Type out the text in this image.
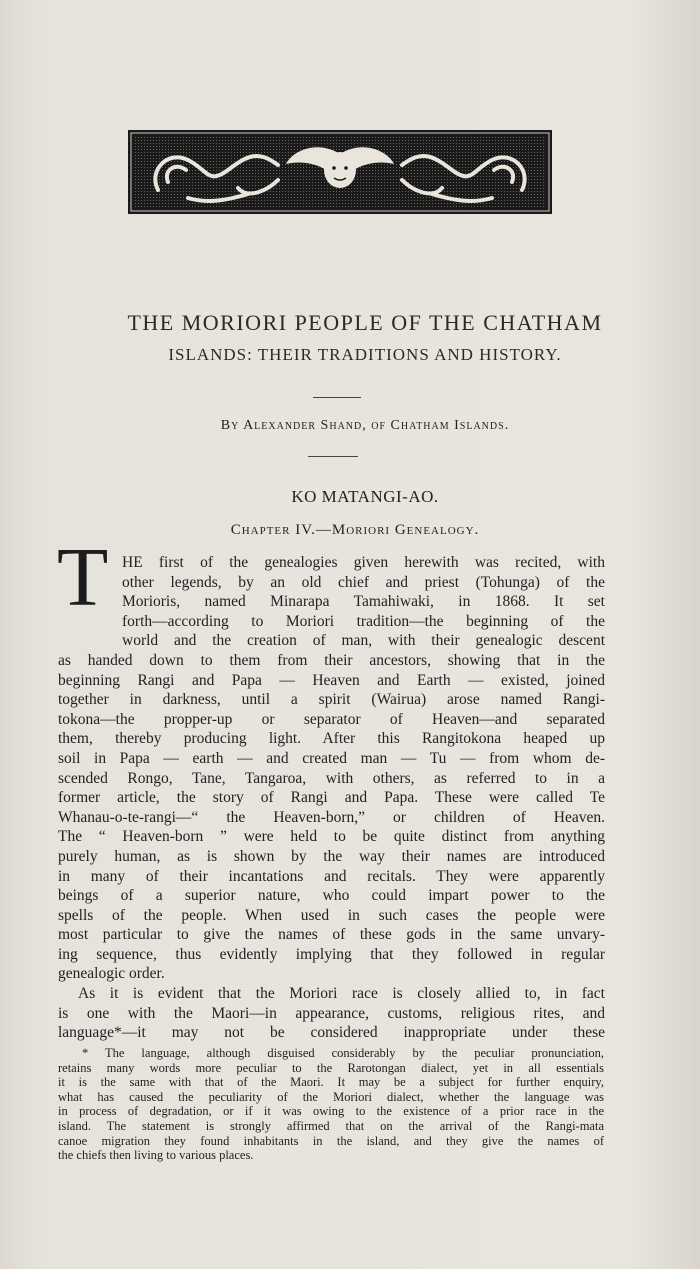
THE MORIORI PEOPLE OF THE CHATHAM
ISLANDS: THEIR TRADITIONS AND HISTORY.
By Alexander Shand, of Chatham Islands.
KO MATANGI-AO.
Chapter IV.—Moriori Genealogy.
T HE first of the genealogies given herewith was recited, with
other legends, by an old chief and priest (Tohunga) of the
Morioris, named Minarapa Tamahiwaki, in 1868. It set
forth—according to Moriori tradition—the beginning of the
world and the creation of man, with their genealogic descent
as handed down to them from their ancestors, showing that in the
beginning Rangi and Papa — Heaven and Earth — existed, joined
together in darkness, until a spirit (Wairua) arose named Rangi-
tokona—the propper-up or separator of Heaven—and separated
them, thereby producing light. After this Rangitokona heaped up
soil in Papa — earth — and created man — Tu — from whom de-
scended Rongo, Tane, Tangaroa, with others, as referred to in a
former article, the story of Rangi and Papa. These were called Te
Whanau-o-te-rangi—“ the Heaven-born,” or children of Heaven.
The “ Heaven-born ” were held to be quite distinct from anything
purely human, as is shown by the way their names are introduced
in many of their incantations and recitals. They were apparently
beings of a superior nature, who could impart power to the
spells of the people. When used in such cases the people were
most particular to give the names of these gods in the same unvary-
ing sequence, thus evidently implying that they followed in regular
genealogic order.
As it is evident that the Moriori race is closely allied to, in fact
is one with the Maori—in appearance, customs, religious rites, and
language*—it may not be considered inappropriate under these
* The language, although disguised considerably by the peculiar pronunciation,
retains many words more peculiar to the Rarotongan dialect, yet in all essentials
it is the same with that of the Maori. It may be a subject for further enquiry,
what has caused the peculiarity of the Moriori dialect, whether the language was
in process of degradation, or if it was owing to the existence of a prior race in the
island. The statement is strongly affirmed that on the arrival of the Rangi-mata
canoe migration they found inhabitants in the island, and they give the names of
the chiefs then living to various places.
